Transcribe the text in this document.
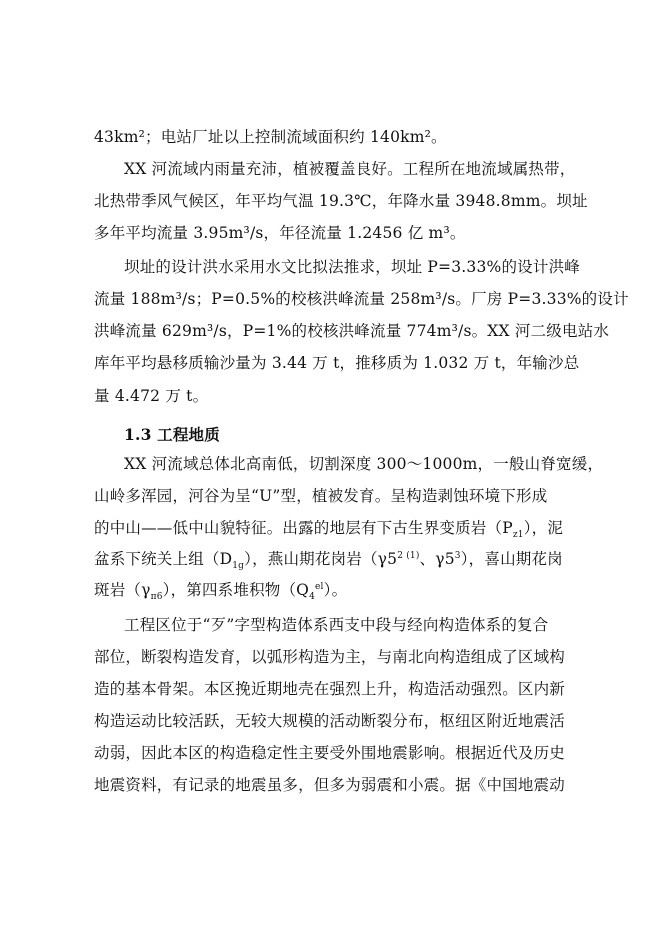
43km²；电站厂址以上控制流域面积约 140km²。
XX 河流域内雨量充沛，植被覆盖良好。工程所在地流域属热带，
北热带季风气候区，年平均气温 19.3℃，年降水量 3948.8mm。坝址
多年平均流量 3.95m³/s，年径流量 1.2456 亿 m³。
坝址的设计洪水采用水文比拟法推求，坝址 P=3.33%的设计洪峰
流量 188m³/s；P=0.5%的校核洪峰流量 258m³/s。厂房 P=3.33%的设计
洪峰流量 629m³/s，P=1%的校核洪峰流量 774m³/s。XX 河二级电站水
库年平均悬移质输沙量为 3.44 万 t，推移质为 1.032 万 t，年输沙总
量 4.472 万 t。
1.3 工程地质
XX 河流域总体北高南低，切割深度 300～1000m，一般山脊宽缓，
山岭多浑园，河谷为呈“U”型，植被发育。呈构造剥蚀环境下形成
的中山——低中山貌特征。出露的地层有下古生界变质岩$(P_{z1})$，泥
盆系下统关上组$(D_{1g})$，燕山期花岗岩（$\gamma 5^{2 (1)}$、$\gamma 5^3$），喜山期花岗
斑岩$(\gamma_{\pi 6})$，第四系堆积物$(Q_4^{el})$。
工程区位于“歹”字型构造体系西支中段与经向构造体系的复合
部位，断裂构造发育，以弧形构造为主，与南北向构造组成了区域构
造的基本骨架。本区挽近期地壳在强烈上升，构造活动强烈。区内新
构造运动比较活跃，无较大规模的活动断裂分布，枢纽区附近地震活
动弱，因此本区的构造稳定性主要受外围地震影响。根据近代及历史
地震资料，有记录的地震虽多，但多为弱震和小震。据《中国地震动
